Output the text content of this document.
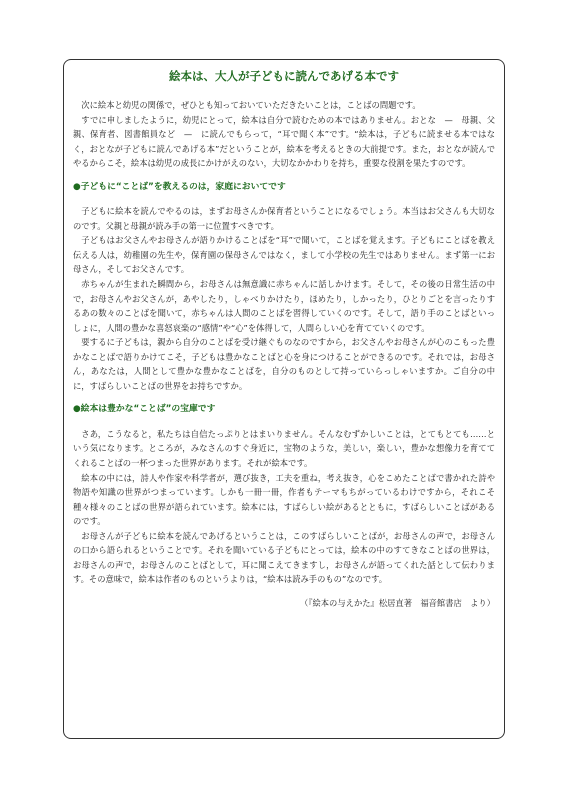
絵本は、大人が子どもに読んであげる本です

次に絵本と幼児の関係で，ぜひとも知っておいていただきたいことは，ことばの問題です。

すでに申しましたように，幼児にとって，絵本は自分で読むための本ではありません。おとな　—　母親、父親、保育者、図書館員など　—　に読んでもらって，“耳で聞く本”です。“絵本は，子どもに読ませる本ではなく，おとなが子どもに読んであげる本”だということが，絵本を考えるときの大前提です。また，おとなが読んでやるからこそ，絵本は幼児の成長にかけがえのない，大切なかかわりを持ち，重要な役割を果たすのです。

●子どもに“ことば”を教えるのは，家庭においてです

子どもに絵本を読んでやるのは，まずお母さんか保育者ということになるでしょう。本当はお父さんも大切なのです。父親と母親が読み手の第一に位置すべきです。

子どもはお父さんやお母さんが語りかけることばを“耳”で聞いて，ことばを覚えます。子どもにことばを教え伝える人は，幼稚園の先生や，保育園の保母さんではなく，まして小学校の先生ではありません。まず第一にお母さん，そしてお父さんです。

赤ちゃんが生まれた瞬間から，お母さんは無意識に赤ちゃんに話しかけます。そして，その後の日常生活の中で，お母さんやお父さんが，あやしたり，しゃべりかけたり，ほめたり，しかったり，ひとりごとを言ったりするあの数々のことばを聞いて，赤ちゃんは人間のことばを習得していくのです。そして，語り手のことばといっしょに，人間の豊かな喜怒哀楽の“感情”や“心”を体得して，人間らしい心を育てていくのです。

要するに子どもは，親から自分のことばを受け継ぐものなのですから，お父さんやお母さんが心のこもった豊かなことばで語りかけてこそ，子どもは豊かなことばと心を身につけることができるのです。それでは，お母さん，あなたは，人間として豊かな豊かなことばを，自分のものとして持っていらっしゃいますか。ご自分の中に，すばらしいことばの世界をお持ちですか。

●絵本は豊かな“ことば”の宝庫です

さあ，こうなると，私たちは自信たっぷりとはまいりません。そんなむずかしいことは，とてもとても……という気になります。ところが，みなさんのすぐ身近に，宝物のような，美しい，楽しい，豊かな想像力を育ててくれることばの一杯つまった世界があります。それが絵本です。

絵本の中には，詩人や作家や科学者が，選び抜き，工夫を重ね，考え抜き，心をこめたことばで書かれた詩や物語や知識の世界がつまっています。しかも一冊一冊，作者もテーマもちがっているわけですから，それこそ種々様々のことばの世界が語られています。絵本には，すばらしい絵があるとともに，すばらしいことばがあるのです。

お母さんが子どもに絵本を読んであげるということは，このすばらしいことばが，お母さんの声で，お母さんの口から語られるということです。それを聞いている子どもにとっては，絵本の中のすてきなことばの世界は，お母さんの声で，お母さんのことばとして，耳に聞こえてきますし，お母さんが語ってくれた話として伝わります。その意味で，絵本は作者のものというよりは，“絵本は読み手のもの”なのです。

（『絵本の与えかた』松居直著　福音館書店　より）
